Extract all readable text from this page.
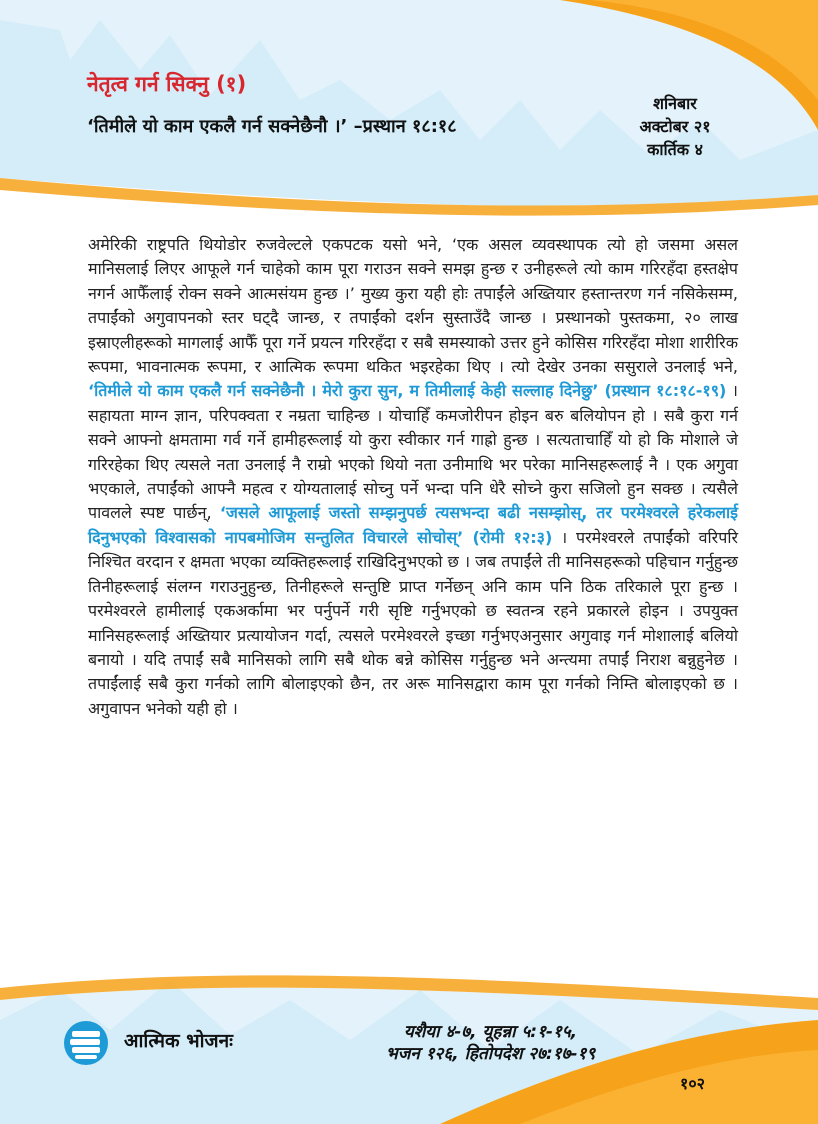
नेतृत्व गर्न सिक्नु (१)
‘तिमीले यो काम एकलै गर्न सक्नेछैनौ ।’ –प्रस्थान १८:१८
शनिबार
अक्टोबर २१
कार्तिक ४

अमेरिकी राष्ट्रपति थियोडोर रुजवेल्टले एकपटक यसो भने, ‘एक असल व्यवस्थापक त्यो हो जसमा असल मानिसलाई लिएर आफूले गर्न चाहेको काम पूरा गराउन सक्ने समझ हुन्छ र उनीहरूले त्यो काम गरिरहँदा हस्तक्षेप नगर्न आफैँलाई रोक्न सक्ने आत्मसंयम हुन्छ ।’ मुख्य कुरा यही होः तपाईंले अख्तियार हस्तान्तरण गर्न नसिकेसम्म, तपाईंको अगुवापनको स्तर घट्दै जान्छ, र तपाईंको दर्शन सुस्ताउँदै जान्छ । प्रस्थानको पुस्तकमा, २० लाख इस्राएलीहरूको मागलाई आफैँ पूरा गर्ने प्रयत्न गरिरहँदा र सबै समस्याको उत्तर हुने कोसिस गरिरहँदा मोशा शारीरिक रूपमा, भावनात्मक रूपमा, र आत्मिक रूपमा थकित भइरहेका थिए । त्यो देखेर उनका ससुराले उनलाई भने, ‘तिमीले यो काम एकलै गर्न सक्नेछैनौ । मेरो कुरा सुन, म तिमीलाई केही सल्लाह दिनेछु’ (प्रस्थान १८:१८-१९) । सहायता माग्न ज्ञान, परिपक्वता र नम्रता चाहिन्छ । योचाहिँ कमजोरीपन होइन बरु बलियोपन हो । सबै कुरा गर्न सक्ने आफ्नो क्षमतामा गर्व गर्ने हामीहरूलाई यो कुरा स्वीकार गर्न गाह्रो हुन्छ । सत्यताचाहिँ यो हो कि मोशाले जे गरिरहेका थिए त्यसले नता उनलाई नै राम्रो भएको थियो नता उनीमाथि भर परेका मानिसहरूलाई नै । एक अगुवा भएकाले, तपाईंको आफ्नै महत्व र योग्यतालाई सोच्नु पर्ने भन्दा पनि धेरै सोच्ने कुरा सजिलो हुन सक्छ । त्यसैले पावलले स्पष्ट पार्छन्, ‘जसले आफूलाई जस्तो सम्झनुपर्छ त्यसभन्दा बढी नसम्झोस्, तर परमेश्‍वरले हरेकलाई दिनुभएको विश्‍वासको नापबमोजिम सन्तुलित विचारले सोचोस्’ (रोमी १२:३) । परमेश्‍वरले तपाईंको वरिपरि निश्‍चित वरदान र क्षमता भएका व्यक्तिहरूलाई राखिदिनुभएको छ । जब तपाईंले ती मानिसहरूको पहिचान गर्नुहुन्छ तिनीहरूलाई संलग्न गराउनुहुन्छ, तिनीहरूले सन्तुष्टि प्राप्त गर्नेछन् अनि काम पनि ठिक तरिकाले पूरा हुन्छ । परमेश्‍वरले हामीलाई एकअर्कामा भर पर्नुपर्ने गरी सृष्टि गर्नुभएको छ स्वतन्त्र रहने प्रकारले होइन । उपयुक्त मानिसहरूलाई अख्तियार प्रत्यायोजन गर्दा, त्यसले परमेश्‍वरले इच्छा गर्नुभएअनुसार अगुवाइ गर्न मोशालाई बलियो बनायो । यदि तपाईं सबै मानिसको लागि सबै थोक बन्ने कोसिस गर्नुहुन्छ भने अन्त्यमा तपाईं निराश बन्नुहुनेछ । तपाईंलाई सबै कुरा गर्नको लागि बोलाइएको छैन, तर अरू मानिसद्वारा काम पूरा गर्नको निम्ति बोलाइएको छ । अगुवापन भनेको यही हो ।

आत्मिक भोजनः	यशैया ४-७, यूहन्ना ५:१-१५,
भजन १२६, हितोपदेश २७:१७-१९
१०२
